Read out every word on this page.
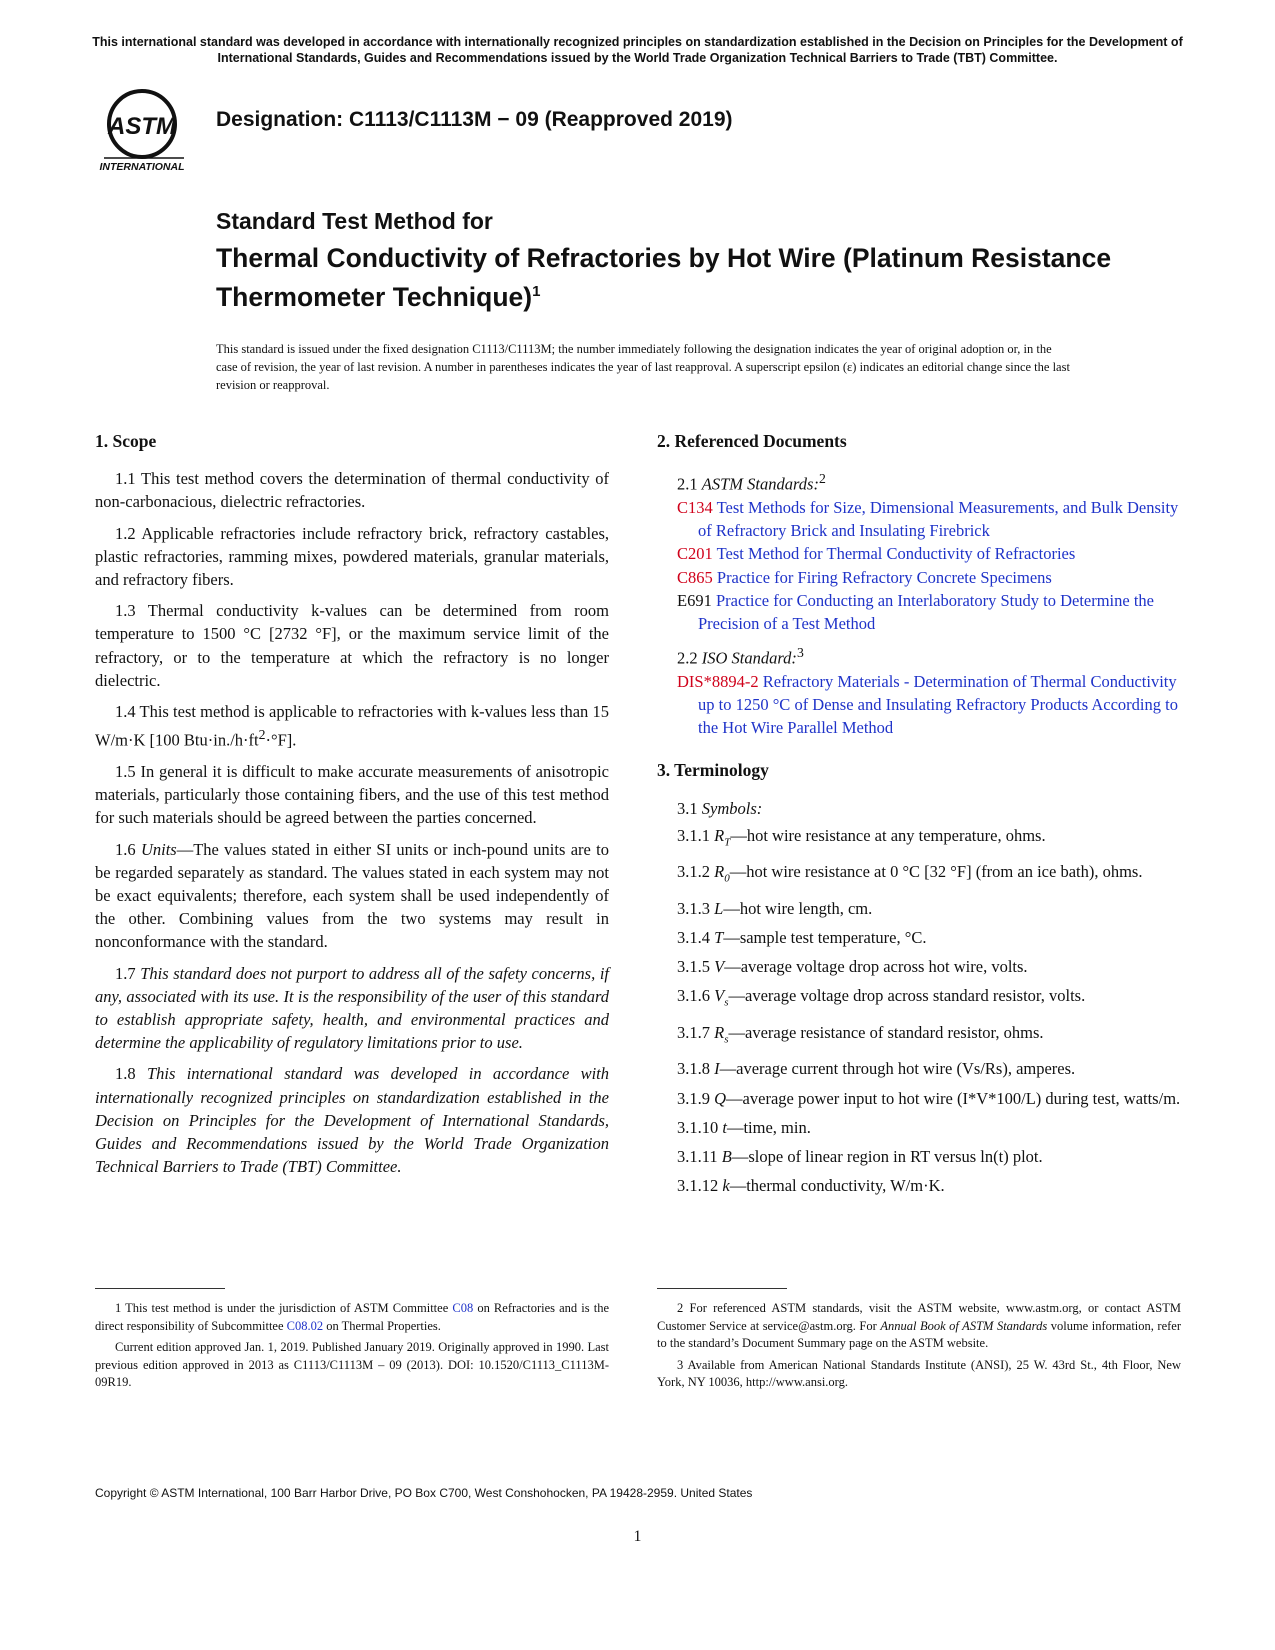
This international standard was developed in accordance with internationally recognized principles on standardization established in the Decision on Principles for the Development of International Standards, Guides and Recommendations issued by the World Trade Organization Technical Barriers to Trade (TBT) Committee.
ASTM
INTERNATIONAL
Designation: C1113/C1113M − 09 (Reapproved 2019)
Standard Test Method for
Thermal Conductivity of Refractories by Hot Wire (Platinum Resistance Thermometer Technique)$^1$
This standard is issued under the fixed designation C1113/C1113M; the number immediately following the designation indicates the year of original adoption or, in the case of revision, the year of last revision. A number in parentheses indicates the year of last reapproval. A superscript epsilon (ε) indicates an editorial change since the last revision or reapproval.
1. Scope

1.1 This test method covers the determination of thermal conductivity of non-carbonacious, dielectric refractories.

1.2 Applicable refractories include refractory brick, refractory castables, plastic refractories, ramming mixes, powdered materials, granular materials, and refractory fibers.

1.3 Thermal conductivity k-values can be determined from room temperature to 1500 °C [2732 °F], or the maximum service limit of the refractory, or to the temperature at which the refractory is no longer dielectric.

1.4 This test method is applicable to refractories with k-values less than 15 W/m·K [100 $Btu\cdot in./h\cdot ft^2\cdot^\circ F$].

1.5 In general it is difficult to make accurate measurements of anisotropic materials, particularly those containing fibers, and the use of this test method for such materials should be agreed between the parties concerned.

1.6 Units—The values stated in either SI units or inch-pound units are to be regarded separately as standard. The values stated in each system may not be exact equivalents; therefore, each system shall be used independently of the other. Combining values from the two systems may result in nonconformance with the standard.

1.7 This standard does not purport to address all of the safety concerns, if any, associated with its use. It is the responsibility of the user of this standard to establish appropriate safety, health, and environmental practices and determine the applicability of regulatory limitations prior to use.

1.8 This international standard was developed in accordance with internationally recognized principles on standardization established in the Decision on Principles for the Development of International Standards, Guides and Recommendations issued by the World Trade Organization Technical Barriers to Trade (TBT) Committee.

2. Referenced Documents

2.1 ASTM Standards:$^2$

C134 Test Methods for Size, Dimensional Measurements, and Bulk Density of Refractory Brick and Insulating Firebrick

C201 Test Method for Thermal Conductivity of Refractories

C865 Practice for Firing Refractory Concrete Specimens

E691 Practice for Conducting an Interlaboratory Study to Determine the Precision of a Test Method

2.2 ISO Standard:$^3$

DIS*8894-2 Refractory Materials - Determination of Thermal Conductivity up to 1250 °C of Dense and Insulating Refractory Products According to the Hot Wire Parallel Method

3. Terminology

3.1 Symbols:

3.1.1 $R_T—hot$ wire resistance at any temperature, ohms.

3.1.2 $R_0—hot$ wire resistance at 0 °C [32 °F] (from an ice bath), ohms.

3.1.3 L—hot wire length, cm.

3.1.4 T—sample test temperature, °C.

3.1.5 V—average voltage drop across hot wire, volts.

3.1.6 $V_s—average$ voltage drop across standard resistor, volts.

3.1.7 $R_s—average$ resistance of standard resistor, ohms.

3.1.8 I—average current through hot wire (Vs/Rs), amperes.

3.1.9 Q—average power input to hot wire (I*V*100/L) during test, watts/m.

3.1.10 t—time, min.

3.1.11 B—slope of linear region in RT versus ln(t) plot.

3.1.12 k—thermal conductivity, W/m·K.

1 This test method is under the jurisdiction of ASTM Committee C08 on Refractories and is the direct responsibility of Subcommittee C08.02 on Thermal Properties.

Current edition approved Jan. 1, 2019. Published January 2019. Originally approved in 1990. Last previous edition approved in 2013 as C1113/C1113M – 09 (2013). DOI: 10.1520/C1113_C1113M-09R19.

2 For referenced ASTM standards, visit the ASTM website, www.astm.org, or contact ASTM Customer Service at service@astm.org. For Annual Book of ASTM Standards volume information, refer to the standard’s Document Summary page on the ASTM website.

3 Available from American National Standards Institute (ANSI), 25 W. 43rd St., 4th Floor, New York, NY 10036, http://www.ansi.org.

Copyright © ASTM International, 100 Barr Harbor Drive, PO Box C700, West Conshohocken, PA 19428-2959. United States
1
